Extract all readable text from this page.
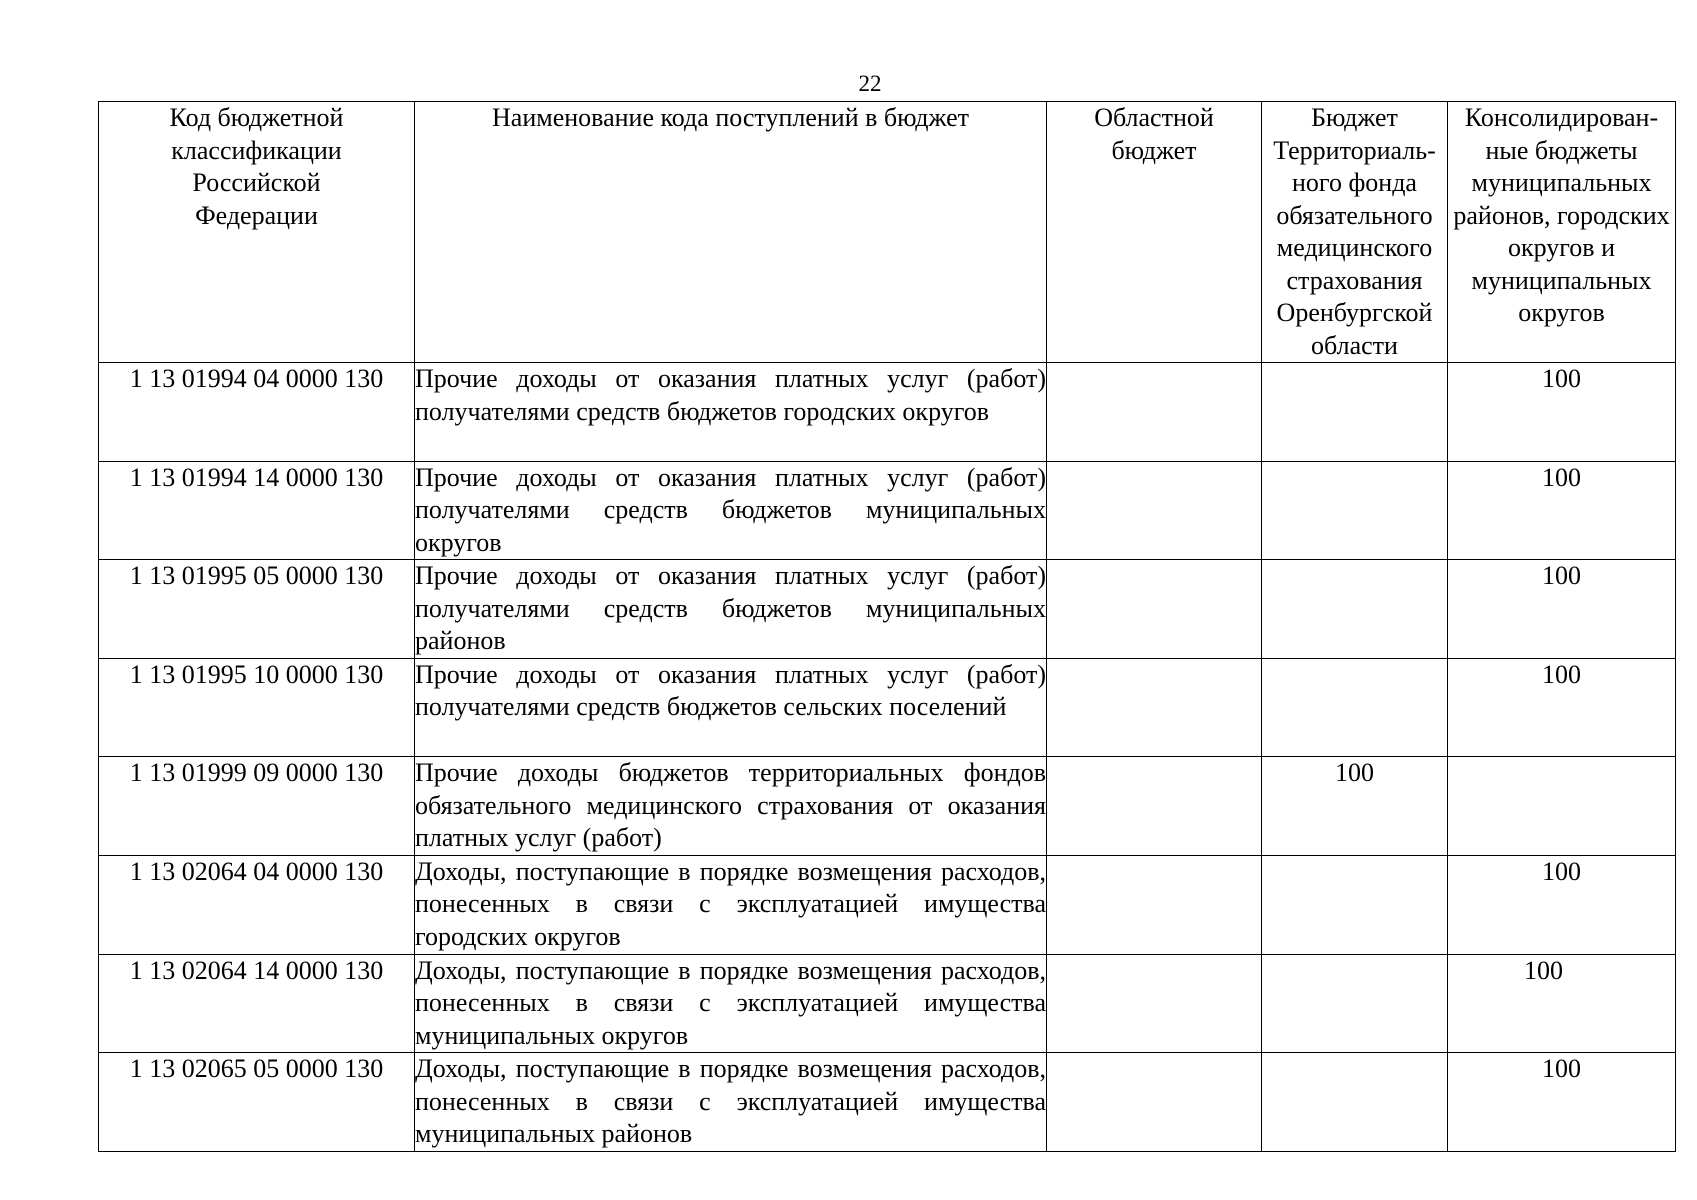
22
Код бюджетной классификации Российской Федерации	Наименование кода поступлений в бюджет	Областной бюджет	Бюджет Территориаль-ного фонда обязательного медицинского страхования Оренбургской области	Консолидирован-ные бюджеты муниципальных районов, городских округов и муниципальных округов

1 13 01994 04 0000 130	Прочие доходы от оказания платных услуг (работ) получателями средств бюджетов городских округов			100
1 13 01994 14 0000 130	Прочие доходы от оказания платных услуг (работ) получателями средств бюджетов муниципальных округов			100
1 13 01995 05 0000 130	Прочие доходы от оказания платных услуг (работ) получателями средств бюджетов муниципальных районов			100
1 13 01995 10 0000 130	Прочие доходы от оказания платных услуг (работ) получателями средств бюджетов сельских поселений			100
1 13 01999 09 0000 130	Прочие доходы бюджетов территориальных фондов обязательного медицинского страхования от оказания платных услуг (работ)		100	
1 13 02064 04 0000 130	Доходы, поступающие в порядке возмещения расходов, понесенных в связи с эксплуатацией имущества городских округов			100
1 13 02064 14 0000 130	Доходы, поступающие в порядке возмещения расходов, понесенных в связи с эксплуатацией имущества муниципальных округов			100
1 13 02065 05 0000 130	Доходы, поступающие в порядке возмещения расходов, понесенных в связи с эксплуатацией имущества муниципальных районов			100
